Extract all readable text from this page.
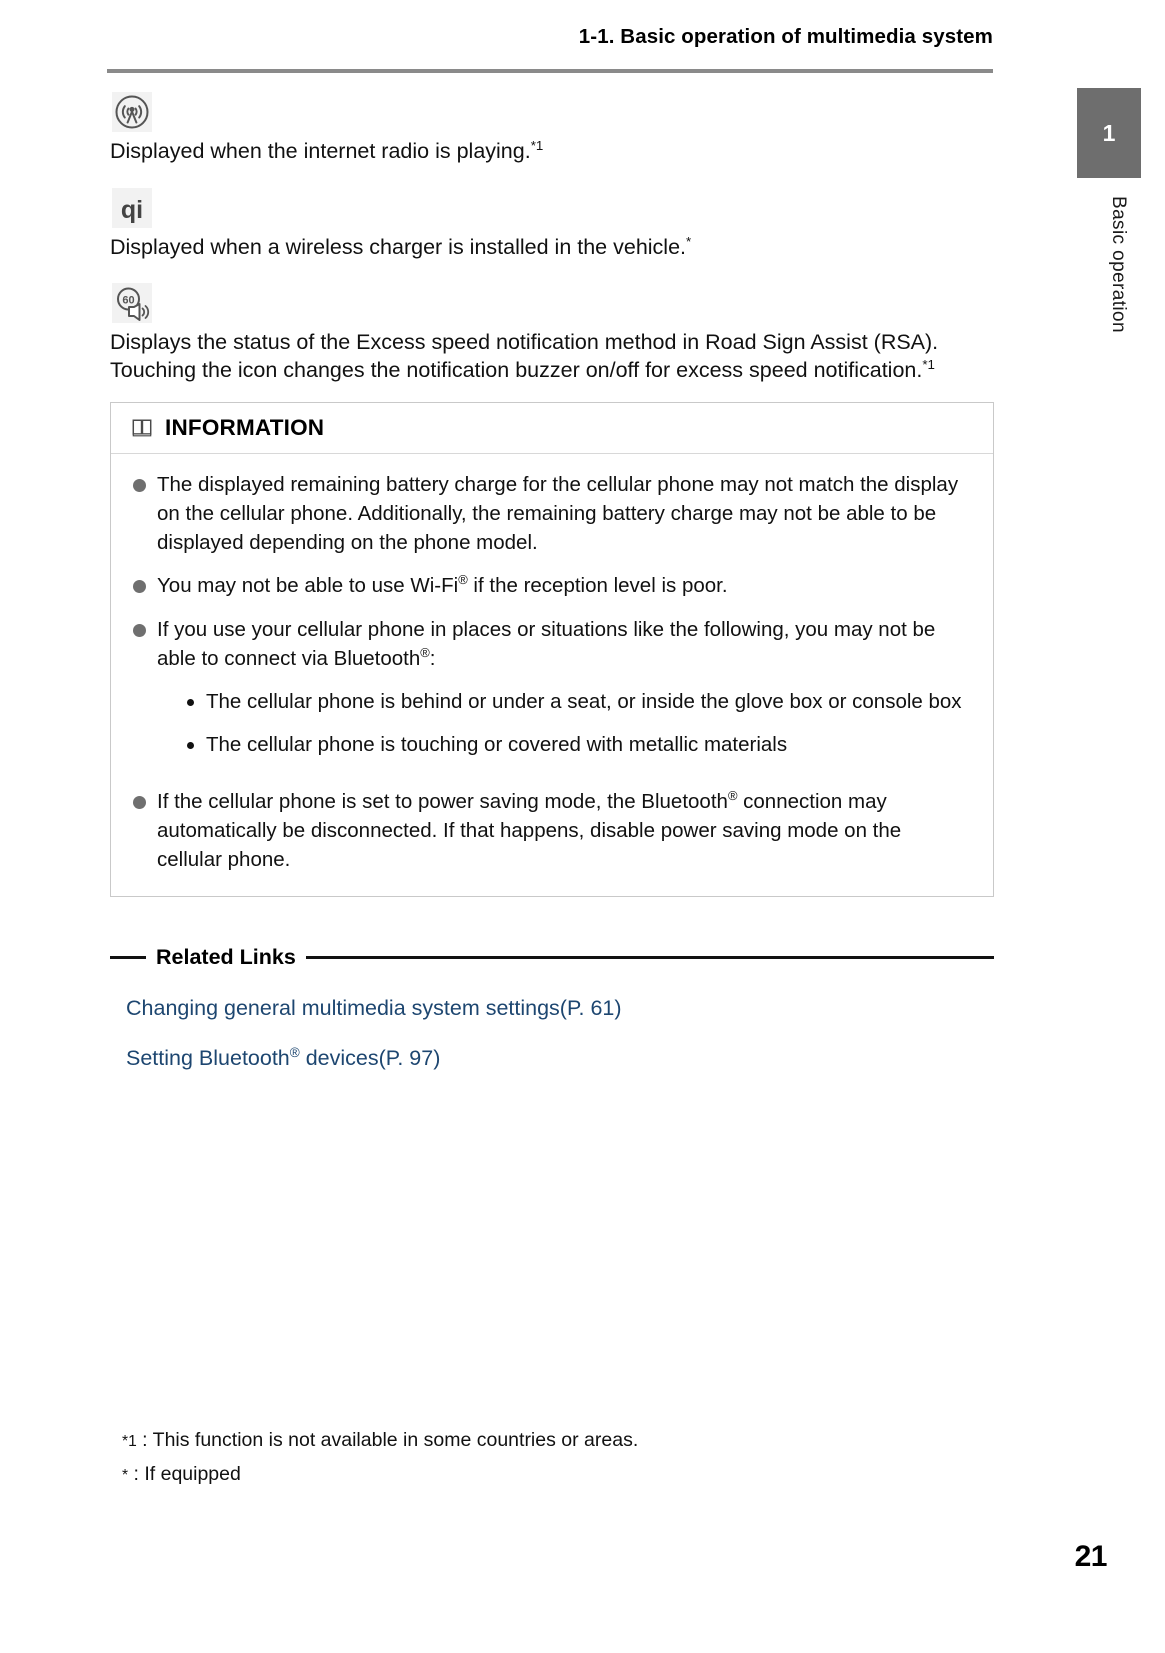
1-1. Basic operation of multimedia system
1
Basic operation

Displayed when the internet radio is playing.$^{*1}$

qi

Displayed when a wireless charger is installed in the vehicle.*

60

Displays the status of the Excess speed notification method in Road Sign Assist (RSA). Touching the icon changes the notification buzzer on/off for excess speed notification.$^{*1}$

INFORMATION
The displayed remaining battery charge for the cellular phone may not match the display on the cellular phone. Additionally, the remaining battery charge may not be able to be displayed depending on the phone model.
You may not be able to use Wi-Fi® if the reception level is poor.
If you use your cellular phone in places or situations like the following, you may not be able to connect via Bluetooth®:
The cellular phone is behind or under a seat, or inside the glove box or console box
The cellular phone is touching or covered with metallic materials
If the cellular phone is set to power saving mode, the Bluetooth® connection may automatically be disconnected. If that happens, disable power saving mode on the cellular phone.
Related Links
Changing general multimedia system settings(P. 61)
Setting Bluetooth® devices(P. 97)
*1 : This function is not available in some countries or areas.
* : If equipped
21
